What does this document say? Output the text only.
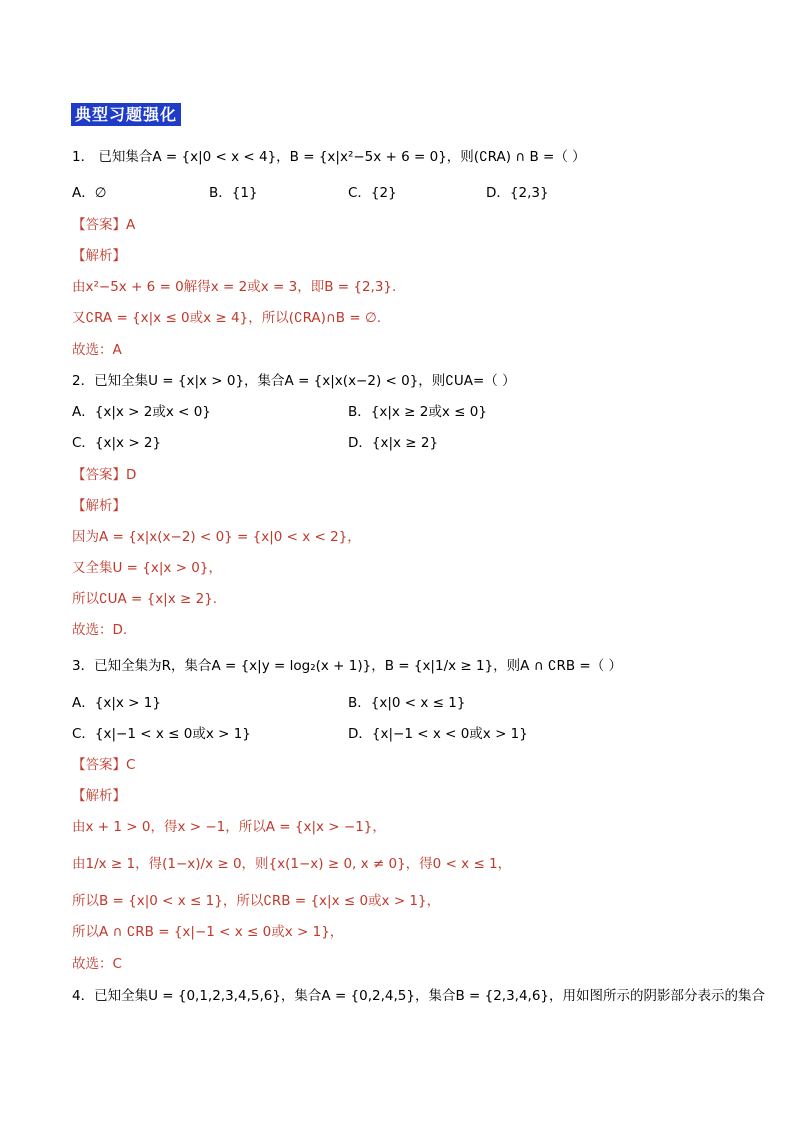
典型习题强化
1． 已知集合A = {x|0 < x < 4}，B = {x|x²−5x + 6 = 0}，则(∁RA) ∩ B =（ ）
A．∅	B．{1}	C．{2}	D．{2,3}
【答案】A
【解析】
由x²−5x + 6 = 0解得x = 2或x = 3，即B = {2,3}.
又∁RA = {x|x ≤ 0或x ≥ 4}，所以(∁RA)∩B = ∅.
故选：A
2．已知全集U = {x|x > 0}，集合A = {x|x(x−2) < 0}，则∁UA=（ ）
A．{x|x > 2或x < 0}	B．{x|x ≥ 2或x ≤ 0}
C．{x|x > 2}	D．{x|x ≥ 2}
【答案】D
【解析】
因为A = {x|x(x−2) < 0} = {x|0 < x < 2}，
又全集U = {x|x > 0}，
所以∁UA = {x|x ≥ 2}.
故选：D.
3．已知全集为R，集合A = {x|y = log₂(x + 1)}，B = {x|1/x ≥ 1}，则A ∩ ∁RB =（ ）
A．{x|x > 1}	B．{x|0 < x ≤ 1}
C．{x|−1 < x ≤ 0或x > 1}	D．{x|−1 < x < 0或x > 1}
【答案】C
【解析】
由x + 1 > 0，得x > −1，所以A = {x|x > −1}，
由1/x ≥ 1，得(1−x)/x ≥ 0，则{x(1−x) ≥ 0, x ≠ 0}，得0 < x ≤ 1，
所以B = {x|0 < x ≤ 1}，所以∁RB = {x|x ≤ 0或x > 1}，
所以A ∩ ∁RB = {x|−1 < x ≤ 0或x > 1}，
故选：C
4．已知全集U = {0,1,2,3,4,5,6}，集合A = {0,2,4,5}，集合B = {2,3,4,6}，用如图所示的阴影部分表示的集合
